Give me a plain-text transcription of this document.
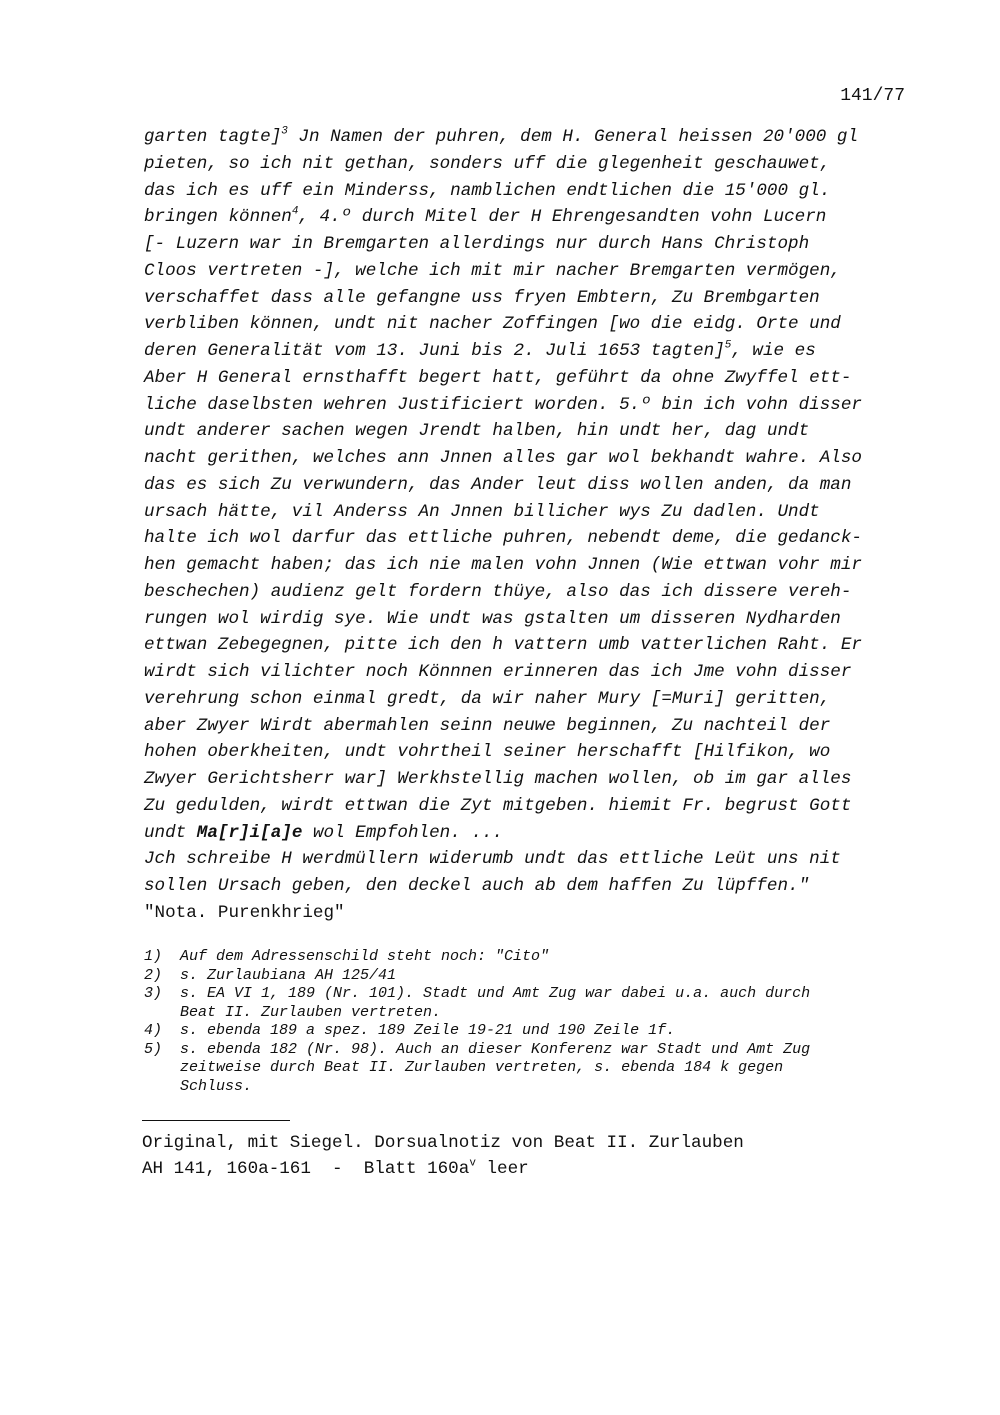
141/77
garten tagte]$^3$ Jn Namen der puhren, dem H. General heissen 20'000 gl
pieten, so ich nit gethan, sonders uff die glegenheit geschauwet,
das ich es uff ein Minderss, namblichen endtlichen die 15'000 gl.
bringen können$^4$, 4.º durch Mitel der H Ehrengesandten vohn Lucern
[- Luzern war in Bremgarten allerdings nur durch Hans Christoph
Cloos vertreten -], welche ich mit mir nacher Bremgarten vermögen,
verschaffet dass alle gefangne uss fryen Embtern, Zu Brembgarten
verbliben können, undt nit nacher Zoffingen [wo die eidg. Orte und
deren Generalität vom 13. Juni bis 2. Juli 1653 tagten]$^5$, wie es
Aber H General ernsthafft begert hatt, geführt da ohne Zwyffel ett-
liche daselbsten wehren Justificiert worden. 5.º bin ich vohn disser
undt anderer sachen wegen Jrendt halben, hin undt her, dag undt
nacht gerithen, welches ann Jnnen alles gar wol bekhandt wahre. Also
das es sich Zu verwundern, das Ander leut diss wollen anden, da man
ursach hätte, vil Anderss An Jnnen billicher wys Zu dadlen. Undt
halte ich wol darfur das ettliche puhren, nebendt deme, die gedanck-
hen gemacht haben; das ich nie malen vohn Jnnen (Wie ettwan vohr mir
beschechen) audienz gelt fordern thüye, also das ich dissere vereh-
rungen wol wirdig sye. Wie undt was gstalten um disseren Nydharden
ettwan Zebegegnen, pitte ich den h vattern umb vatterlichen Raht. Er
wirdt sich vilichter noch Könnnen erinneren das ich Jme vohn disser
verehrung schon einmal gredt, da wir naher Mury [=Muri] geritten,
aber Zwyer Wirdt abermahlen seinn neuwe beginnen, Zu nachteil der
hohen oberkheiten, undt vohrtheil seiner herschafft [Hilfikon, wo
Zwyer Gerichtsherr war] Werkhstellig machen wollen, ob im gar alles
Zu gedulden, wirdt ettwan die Zyt mitgeben. hiemit Fr. begrust Gott
undt Ma[r]i[a]e wol Empfohlen. ...
Jch schreibe H werdmüllern widerumb undt das ettliche Leüt uns nit
sollen Ursach geben, den deckel auch ab dem haffen Zu lüpffen."
"Nota. Purenkhrieg"
1)	Auf dem Adressenschild steht noch: "Cito"
2)	s. Zurlaubiana AH 125/41
3)	s. EA VI 1, 189 (Nr. 101). Stadt und Amt Zug war dabei u.a. auch durch
Beat II. Zurlauben vertreten.
4)	s. ebenda 189 a spez. 189 Zeile 19-21 und 190 Zeile 1f.
5)	s. ebenda 182 (Nr. 98). Auch an dieser Konferenz war Stadt und Amt Zug
zeitweise durch Beat II. Zurlauben vertreten, s. ebenda 184 k gegen
Schluss.
Original, mit Siegel. Dorsualnotiz von Beat II. Zurlauben
AH 141, 160a-161  -  Blatt $160a^v$ leer
